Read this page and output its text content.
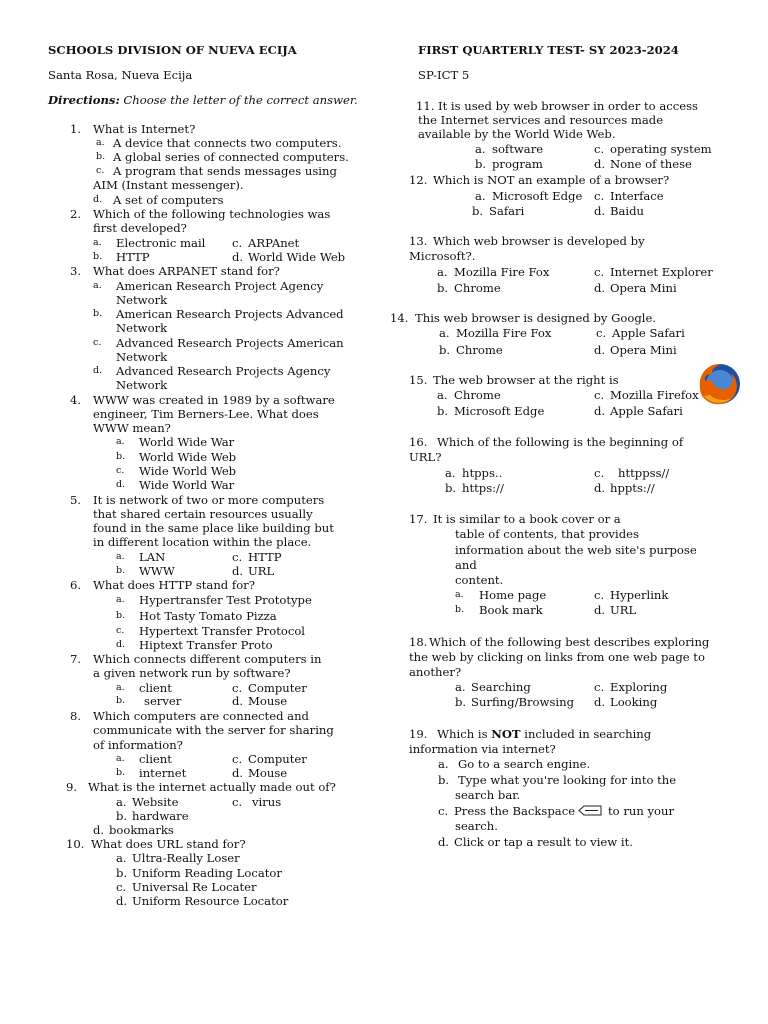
SCHOOLS DIVISION OF NUEVA ECIJA
Santa Rosa, Nueva Ecija
FIRST QUARTERLY TEST- SY 2023-2024
SP-ICT 5
Directions: Choose the letter of the correct answer.
1. What is Internet?
a. A device that connects two computers.
b. A global series of connected computers.
c. A program that sends messages using
AIM (Instant messenger).
d. A set of computers
2. Which of the following technologies was
first developed?
a. Electronic mail c. ARPAnet
b. HTTP	d. World Wide Web
3. What does ARPANET stand for?
a. American Research Project Agency
Network
b. American Research Projects Advanced
Network
c. Advanced Research Projects American
Network
d. Advanced Research Projects Agency
Network
4. WWW was created in 1989 by a software
engineer, Tim Berners-Lee. What does
WWW mean?
a. World Wide War
b. World Wide Web
c. Wide World Web
d. Wide World War
5. It is network of two or more computers
that shared certain resources usually
found in the same place like building but
in different location within the place.
a. LAN	c. HTTP
b. WWW	d. URL
6. What does HTTP stand for?
a. Hypertransfer Test Prototype
b. Hot Tasty Tomato Pizza
c. Hypertext Transfer Protocol
d. Hiptext Transfer Proto
7. Which connects different computers in
a given network run by software?
a. client	c. Computer
b. server	d. Mouse
8. Which computers are connected and
communicate with the server for sharing
of information?
a. client	c. Computer
b. internet	d. Mouse
9. What is the internet actually made out of?
a. Website	c. virus
b. hardware
d. bookmarks
10. What does URL stand for?
a. Ultra-Really Loser
b. Uniform Reading Locator
c. Universal Re Locater
d. Uniform Resource Locator
11. It is used by web browser in order to access
the Internet services and resources made
available by the World Wide Web.
a. software	c. operating system
b. program	d. None of these
12. Which is NOT an example of a browser?
a. Microsoft Edge c. Interface
b. Safari	d. Baidu
13. Which web browser is developed by
Microsoft?.
a. Mozilla Fire Fox	c. Internet Explorer
b. Chrome	d. Opera Mini
14. This web browser is designed by Google.
a. Mozilla Fire Fox	c. Apple Safari
b. Chrome	d. Opera Mini
15. The web browser at the right is
a. Chrome	c. Mozilla Firefox
b. Microsoft Edge	d. Apple Safari
16. Which of the following is the beginning of
URL?
a. htpps..	c. httppss//
b. https://	d. hppts://
17. It is similar to a book cover or a
table of contents, that provides
information about the web site's purpose
and
content.
a. Home page	c. Hyperlink
b. Book mark	d. URL
18. Which of the following best describes exploring
the web by clicking on links from one web page to
another?
a. Searching	c. Exploring
b. Surfing/Browsing d. Looking
19. Which is NOT included in searching
information via internet?
a. Go to a search engine.
b. Type what you're looking for into the
search bar.
c. Press the Backspace	to run your
search.
d. Click or tap a result to view it.
